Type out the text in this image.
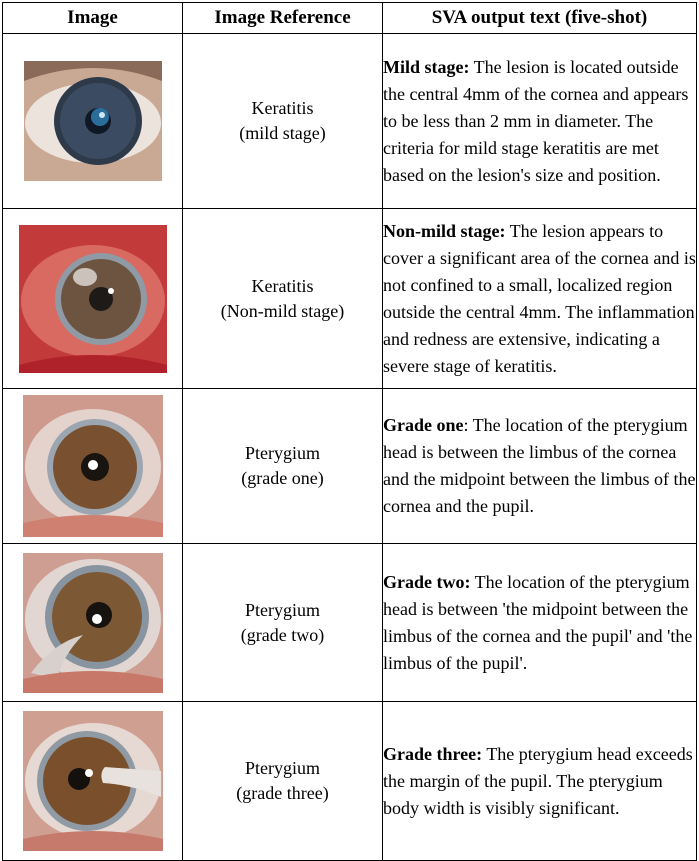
Image	Image Reference	SVA output text (five-shot)

Keratitis
(mild stage)	Mild stage: The lesion is located outside the central 4mm of the cornea and appears to be less than 2 mm in diameter. The criteria for mild stage keratitis are met based on the lesion's size and position.

Keratitis
(Non-mild stage)	Non-mild stage: The lesion appears to cover a significant area of the cornea and is not confined to a small, localized region outside the central 4mm. The inflammation and redness are extensive, indicating a severe stage of keratitis.

Pterygium
(grade one)	Grade one: The location of the pterygium head is between the limbus of the cornea and the midpoint between the limbus of the cornea and the pupil.

Pterygium
(grade two)	Grade two: The location of the pterygium head is between 'the midpoint between the limbus of the cornea and the pupil' and 'the limbus of the pupil'.

Pterygium
(grade three)	Grade three: The pterygium head exceeds the margin of the pupil. The pterygium body width is visibly significant.
